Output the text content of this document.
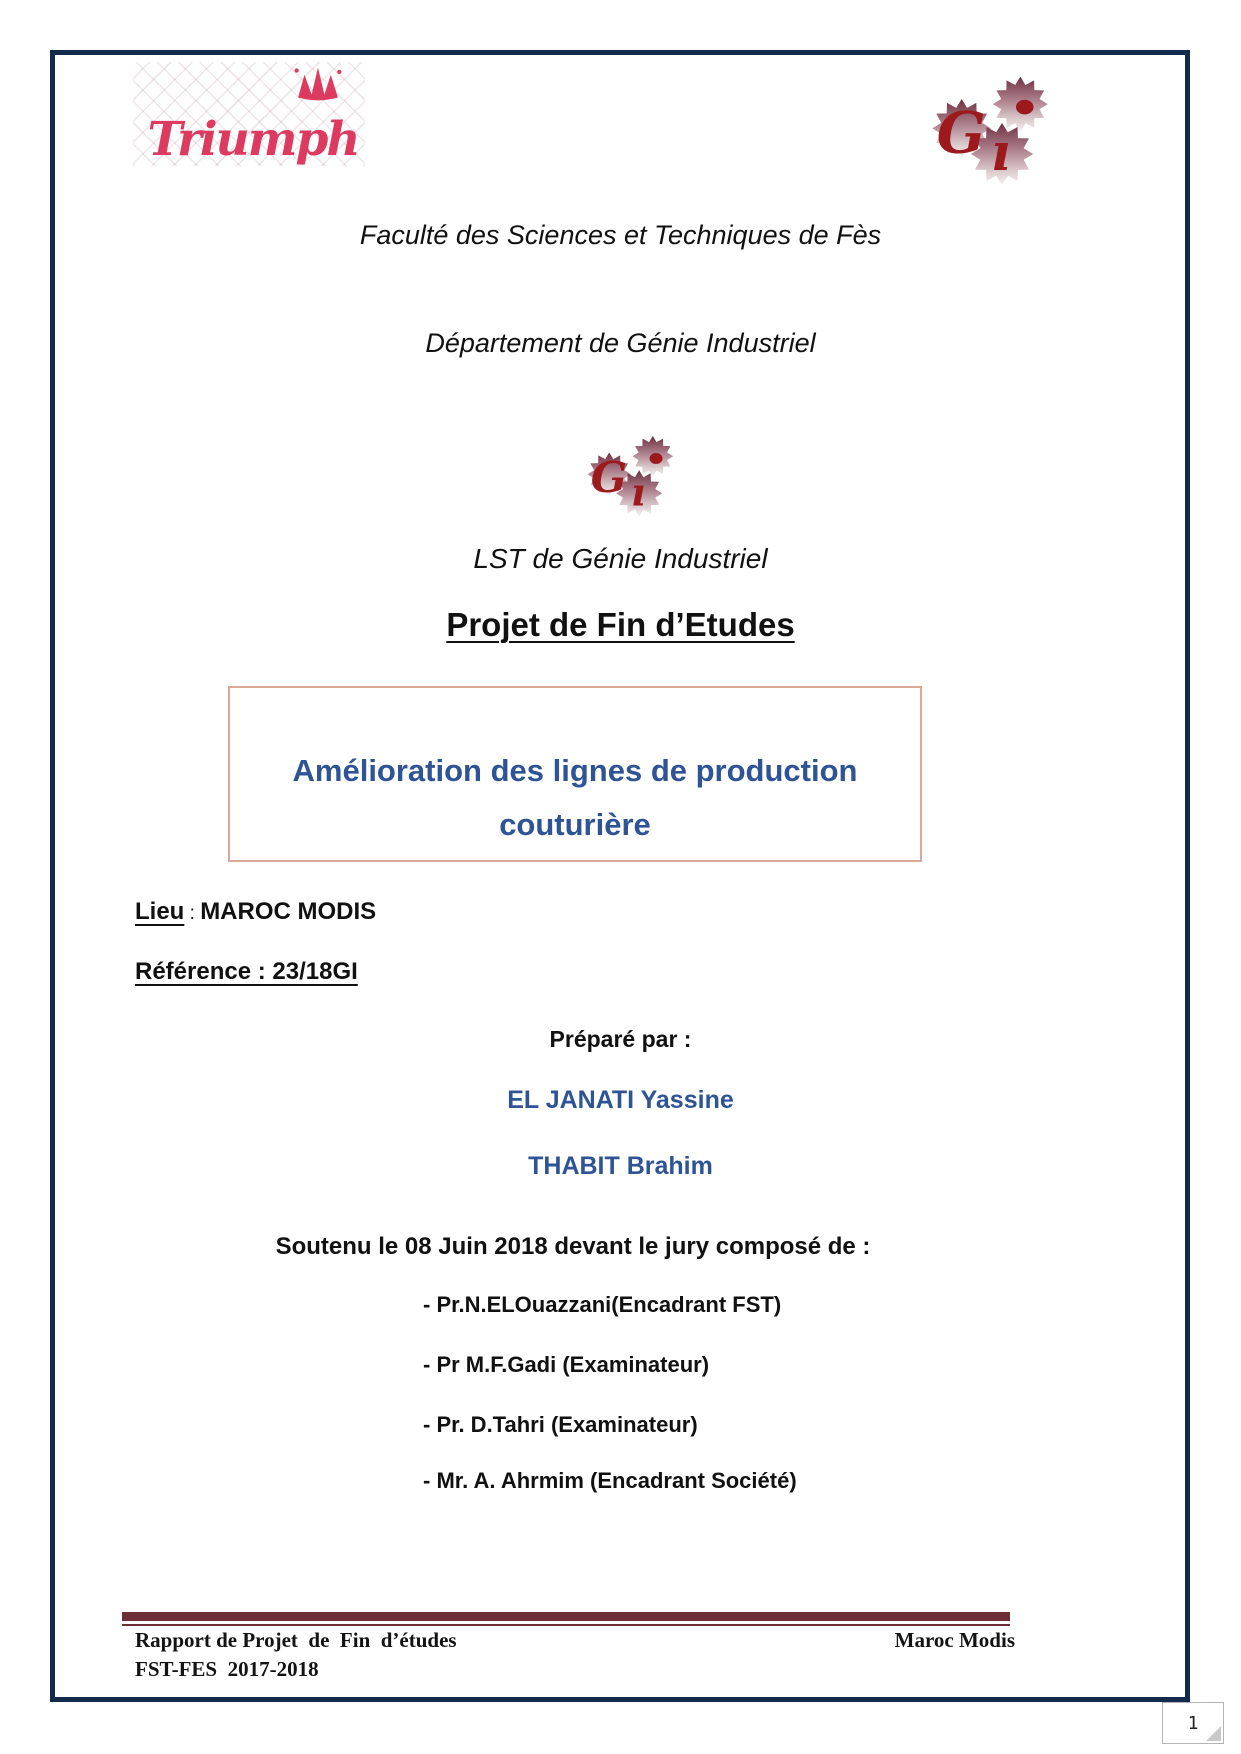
Triumph	G ı
Faculté des Sciences et Techniques de Fès
Département de Génie Industriel
LST de Génie Industriel
Projet de Fin d’Etudes
Amélioration des lignes de production
couturière
Lieu : MAROC MODIS
Référence : 23/18GI
Préparé par :
EL JANATI Yassine
THABIT Brahim
Soutenu le 08 Juin 2018 devant le jury composé de :
- Pr.N.ELOuazzani(Encadrant FST)
- Pr M.F.Gadi (Examinateur)
- Pr. D.Tahri (Examinateur)
- Mr. A. Ahrmim (Encadrant Société)
Rapport de Projet  de  Fin  d’études	Maroc Modis
FST-FES  2017-2018
1
